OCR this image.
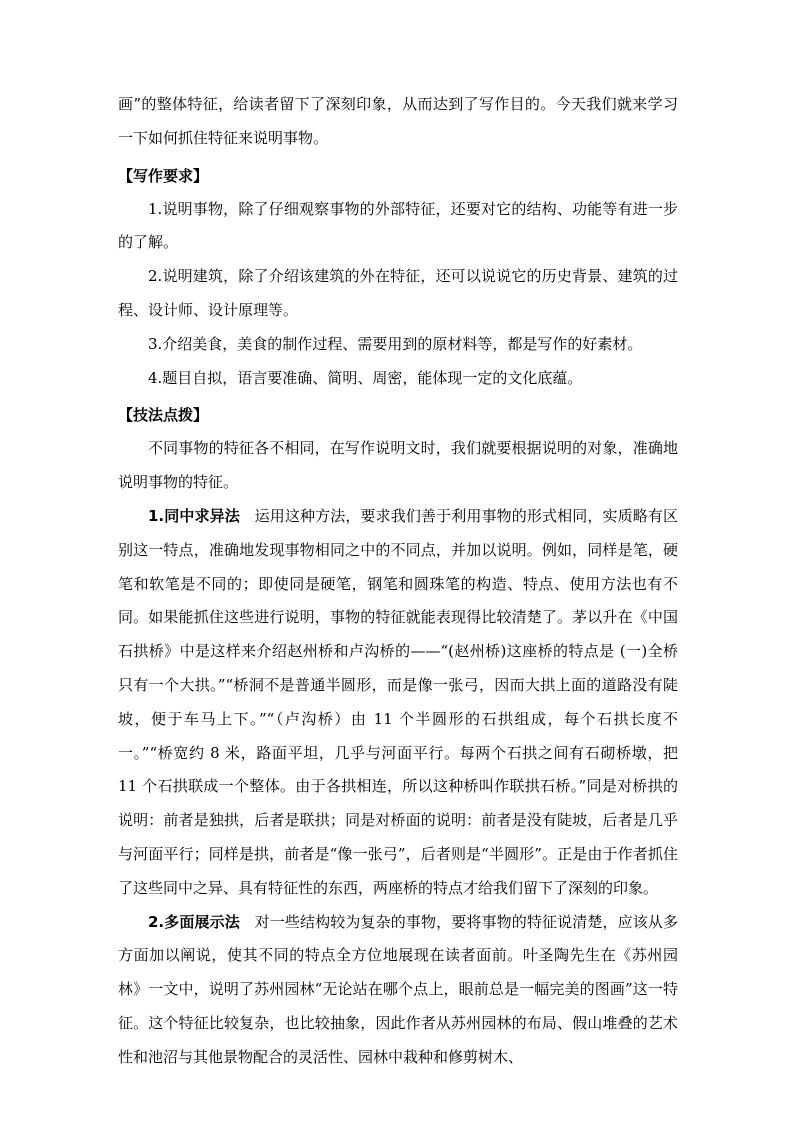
画”的整体特征，给读者留下了深刻印象，从而达到了写作目的。今天我们就来学习一下如何抓住特征来说明事物。

【写作要求】

1.说明事物，除了仔细观察事物的外部特征，还要对它的结构、功能等有进一步的了解。

2.说明建筑，除了介绍该建筑的外在特征，还可以说说它的历史背景、建筑的过程、设计师、设计原理等。

3.介绍美食，美食的制作过程、需要用到的原材料等，都是写作的好素材。

4.题目自拟，语言要准确、简明、周密，能体现一定的文化底蕴。

【技法点拨】

不同事物的特征各不相同，在写作说明文时，我们就要根据说明的对象，准确地说明事物的特征。

1.同中求异法 运用这种方法，要求我们善于利用事物的形式相同，实质略有区别这一特点，准确地发现事物相同之中的不同点，并加以说明。例如，同样是笔，硬笔和软笔是不同的；即使同是硬笔，钢笔和圆珠笔的构造、特点、使用方法也有不同。如果能抓住这些进行说明，事物的特征就能表现得比较清楚了。茅以升在《中国石拱桥》中是这样来介绍赵州桥和卢沟桥的——“(赵州桥)这座桥的特点是 (一)全桥只有一个大拱。”“桥洞不是普通半圆形，而是像一张弓，因而大拱上面的道路没有陡坡，便于车马上下。”“（卢沟桥）由 11 个半圆形的石拱组成，每个石拱长度不一。”“桥宽约 8 米，路面平坦，几乎与河面平行。每两个石拱之间有石砌桥墩，把 11 个石拱联成一个整体。由于各拱相连，所以这种桥叫作联拱石桥。”同是对桥拱的说明：前者是独拱，后者是联拱；同是对桥面的说明：前者是没有陡坡，后者是几乎与河面平行；同样是拱，前者是“像一张弓”，后者则是“半圆形”。正是由于作者抓住了这些同中之异、具有特征性的东西，两座桥的特点才给我们留下了深刻的印象。

2.多面展示法 对一些结构较为复杂的事物，要将事物的特征说清楚，应该从多方面加以阐说，使其不同的特点全方位地展现在读者面前。叶圣陶先生在《苏州园林》一文中，说明了苏州园林“无论站在哪个点上，眼前总是一幅完美的图画”这一特征。这个特征比较复杂，也比较抽象，因此作者从苏州园林的布局、假山堆叠的艺术性和池沼与其他景物配合的灵活性、园林中栽种和修剪树木、
